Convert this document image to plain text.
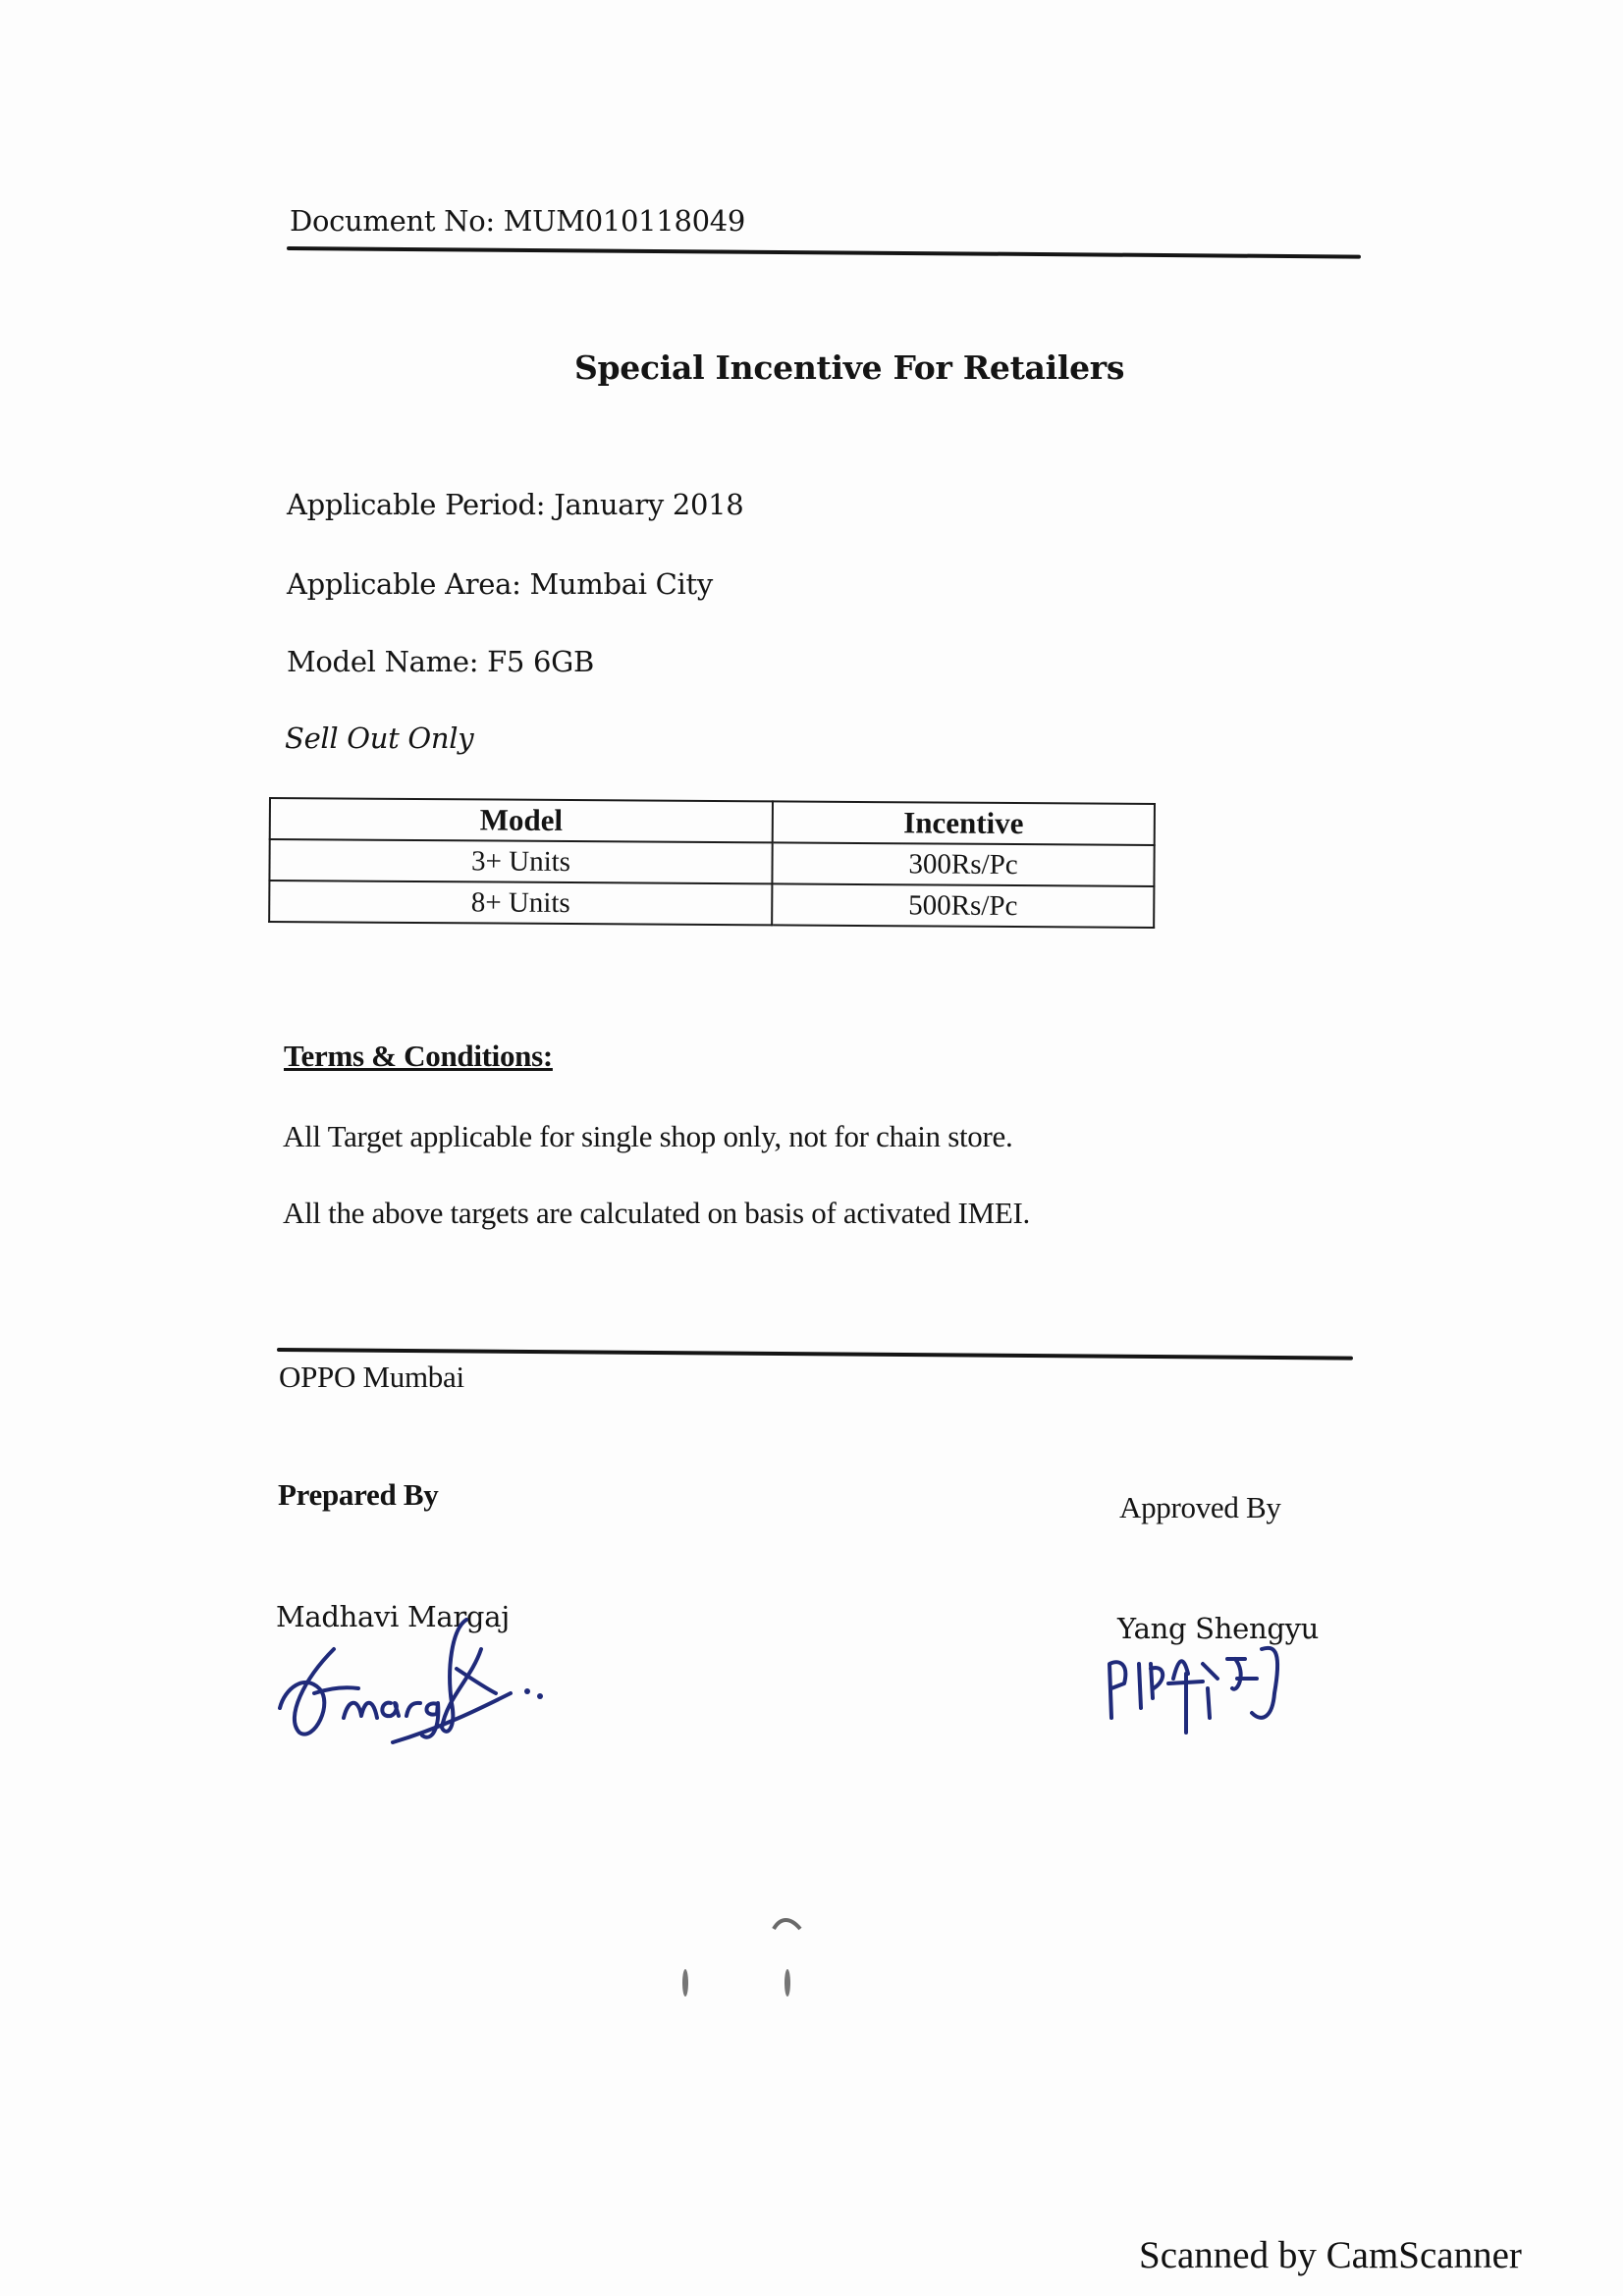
Document No: MUM010118049
Special Incentive For Retailers
Applicable Period: January 2018
Applicable Area: Mumbai City
Model Name: F5 6GB
Sell Out Only
Model	Incentive
3+ Units	300Rs/Pc
8+ Units	500Rs/Pc
Terms & Conditions:
All Target applicable for single shop only, not for chain store.
All the above targets are calculated on basis of activated IMEI.
OPPO Mumbai
Prepared By	Approved By
Madhavi Margaj	Yang Shengyu
Scanned by CamScanner
